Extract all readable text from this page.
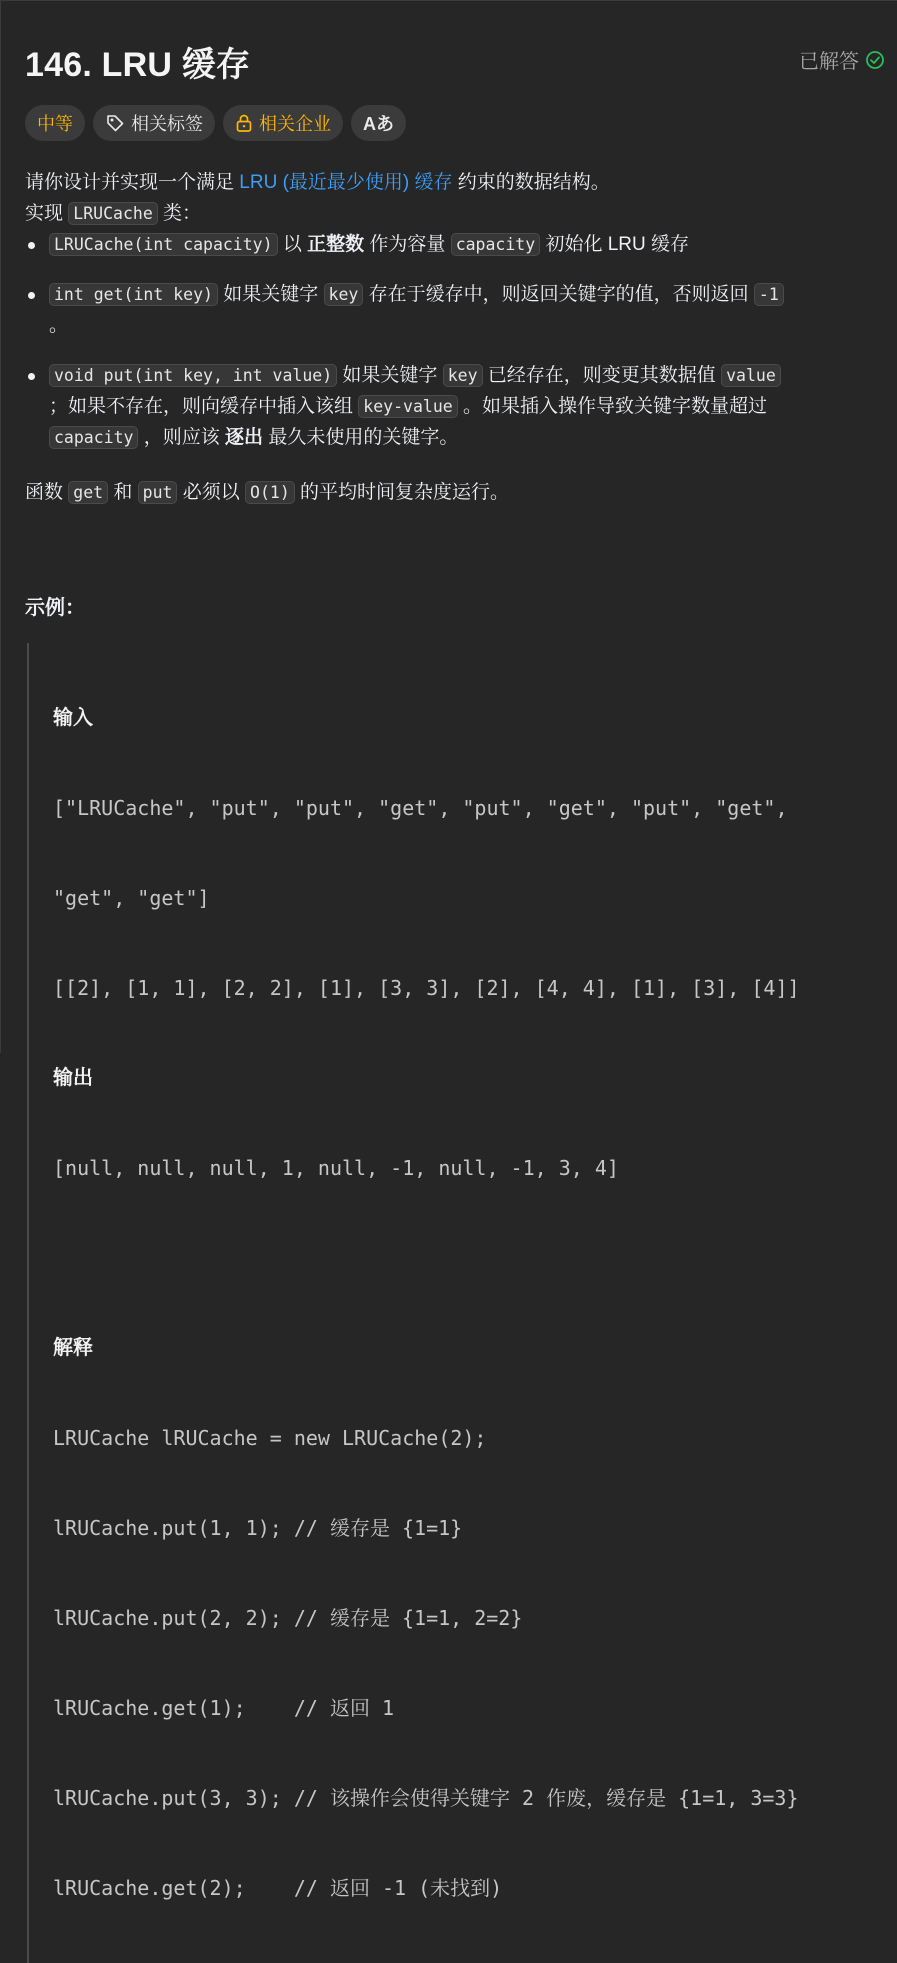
146. LRU 缓存	已解答
中等	相关标签	相关企业 Aあ

请你设计并实现一个满足 LRU (最近最少使用) 缓存 约束的数据结构。

实现 LRUCache 类：

LRUCache(int capacity) 以 正整数 作为容量 capacity 初始化 LRU 缓存
int get(int key) 如果关键字 key 存在于缓存中，则返回关键字的值，否则返回 -1
。
void put(int key, int value) 如果关键字 key 已经存在，则变更其数据值 value
；如果不存在，则向缓存中插入该组 key-value 。如果插入操作导致关键字数量超过 capacity ，则应该 逐出 最久未使用的关键字。

函数 get 和 put 必须以 O(1) 的平均时间复杂度运行。

示例：

输入

["LRUCache", "put", "put", "get", "put", "get", "put", "get",

"get", "get"]

[[2], [1, 1], [2, 2], [1], [3, 3], [2], [4, 4], [1], [3], [4]]

输出

[null, null, null, 1, null, -1, null, -1, 3, 4]

解释

LRUCache lRUCache = new LRUCache(2);

lRUCache.put(1, 1); // 缓存是 {1=1}

lRUCache.put(2, 2); // 缓存是 {1=1, 2=2}

lRUCache.get(1);    // 返回 1

lRUCache.put(3, 3); // 该操作会使得关键字 2 作废，缓存是 {1=1, 3=3}

lRUCache.get(2);    // 返回 -1 (未找到)
